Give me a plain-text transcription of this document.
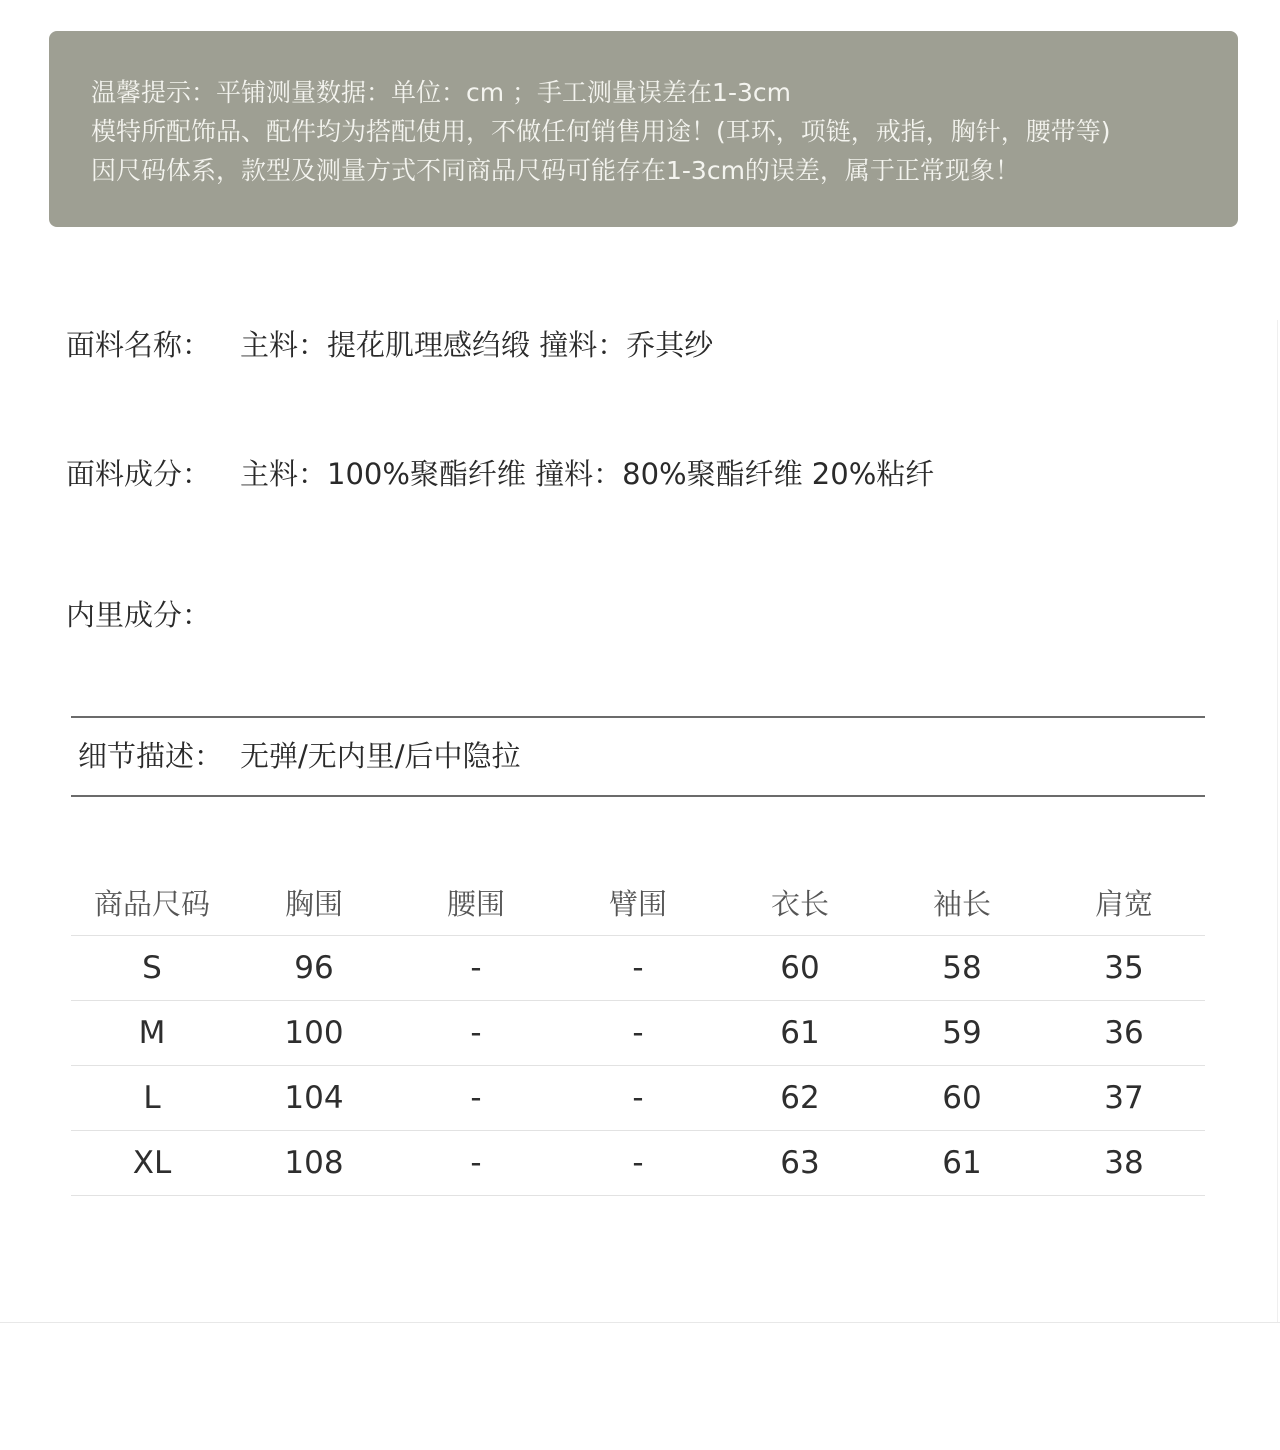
温馨提示：平铺测量数据：单位：cm ；手工测量误差在1-3cm
模特所配饰品、配件均为搭配使用，不做任何销售用途！(耳环，项链，戒指，胸针，腰带等)
因尺码体系，款型及测量方式不同商品尺码可能存在1-3cm的误差，属于正常现象！
面料名称： 主料：提花肌理感绉缎 撞料：乔其纱
面料成分： 主料：100%聚酯纤维 撞料：80%聚酯纤维 20%粘纤
内里成分：
细节描述： 无弹/无内里/后中隐拉
商品尺码	胸围	腰围	臂围	衣长	袖长	肩宽
S	96	-	-	60	58	35
M	100	-	-	61	59	36
L	104	-	-	62	60	37
XL	108	-	-	63	61	38
